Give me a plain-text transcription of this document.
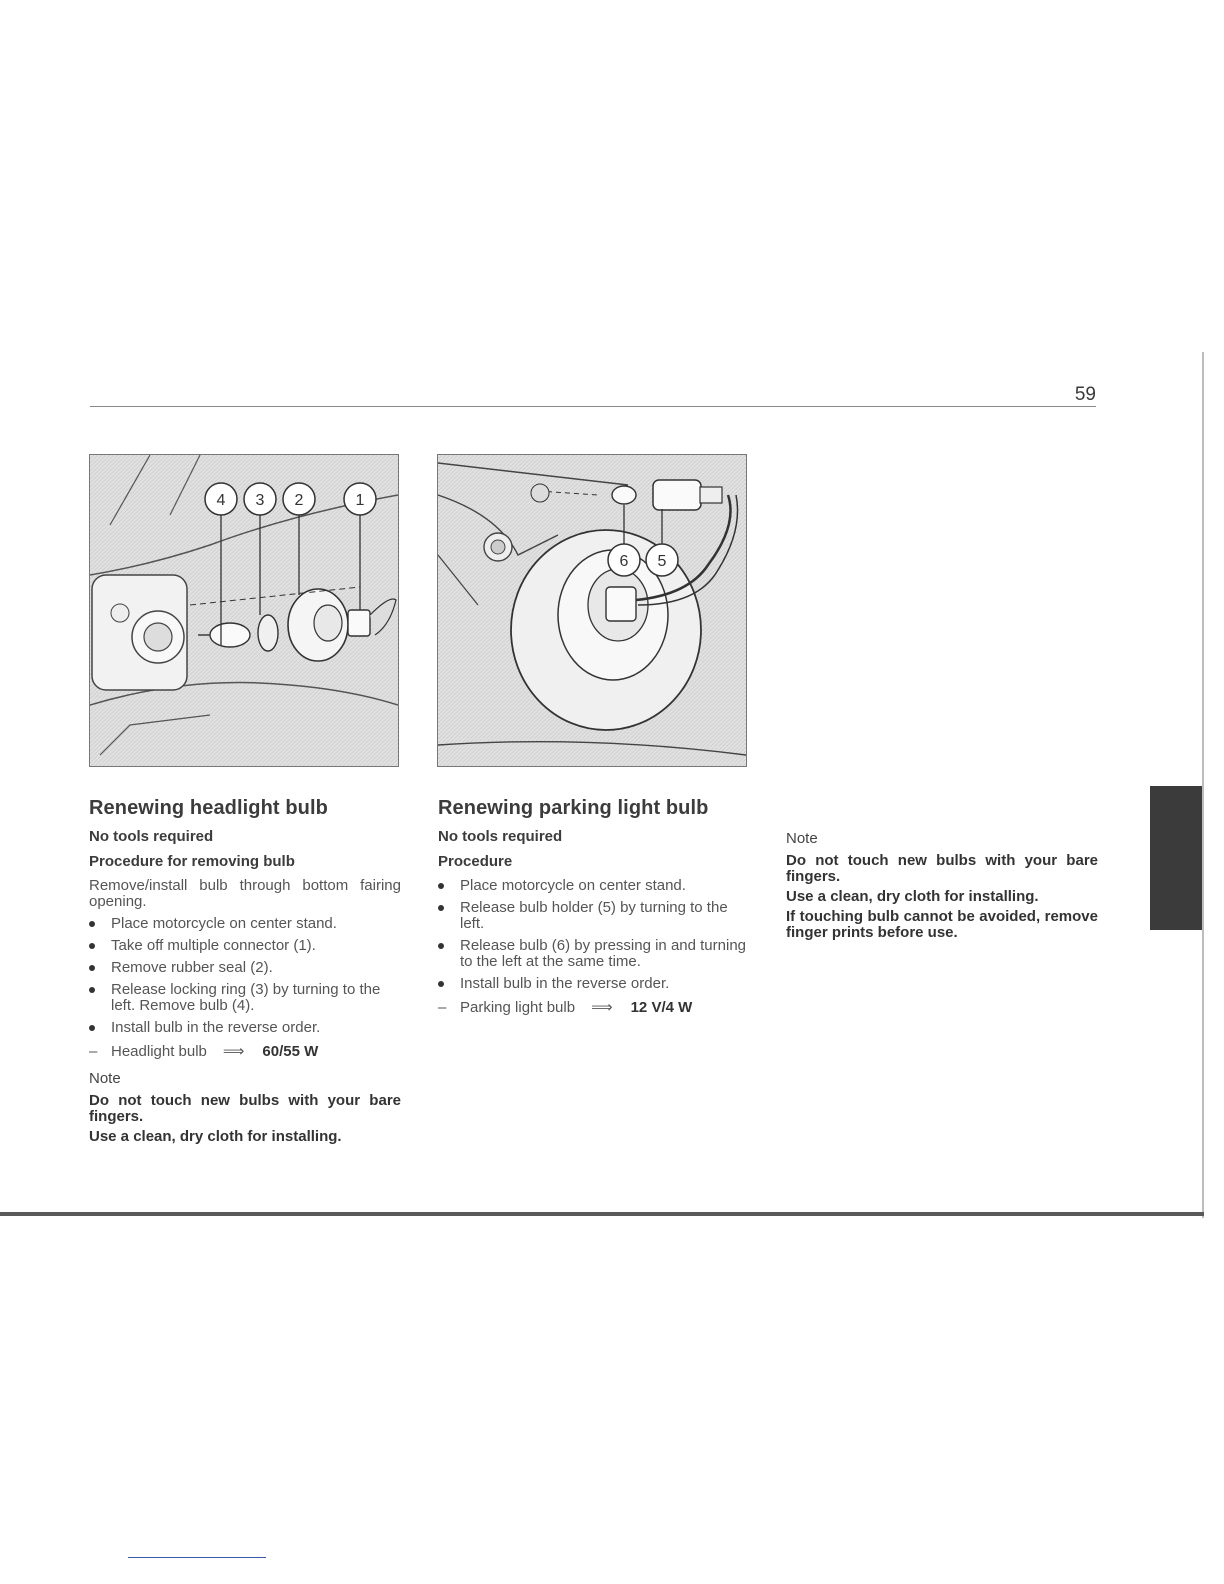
59
4 3 2	1
6 5
Renewing headlight bulb
No tools required
Procedure for removing bulb
Remove/install bulb through bottom fairing opening.
Place motorcycle on center stand.
Take off multiple connector (1).
Remove rubber seal (2).
Release locking ring (3) by turning to the left. Remove bulb (4).
Install bulb in the reverse order.
– Headlight bulb ⟹ 60/55 W
Note
Do not touch new bulbs with your bare fingers.
Use a clean, dry cloth for installing.
Renewing parking light bulb
No tools required
Procedure
Place motorcycle on center stand.
Release bulb holder (5) by turning to the left.
Release bulb (6) by pressing in and turning to the left at the same time.
Install bulb in the reverse order.
– Parking light bulb ⟹ 12 V/4 W
Note
Do not touch new bulbs with your bare fingers.
Use a clean, dry cloth for installing.
If touching bulb cannot be avoided, remove finger prints before use.
